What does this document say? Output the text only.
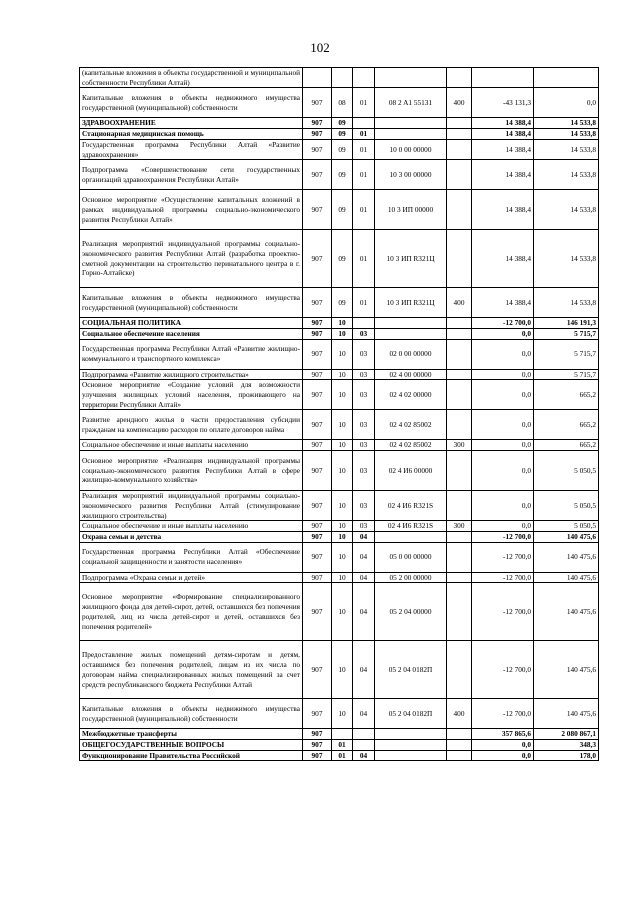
102
(капитальные вложения в объекты государственной и муниципальной собственности Республики Алтай)							
Капитальные вложения в объекты недвижимого имущества государственной (муниципальной) собственности	907	08	01	08 2 A1 55131	400	-43 131,3	0,0
ЗДРАВООХРАНЕНИЕ	907	09				14 388,4	14 533,8
Стационарная медицинская помощь	907	09	01			14 388,4	14 533,8
Государственная программа Республики Алтай «Развитие здравоохранения»	907	09	01	10 0 00 00000		14 388,4	14 533,8
Подпрограмма «Совершенствование сети государственных организаций здравоохранения Республики Алтай»	907	09	01	10 3 00 00000		14 388,4	14 533,8
Основное мероприятие «Осуществление капитальных вложений в рамках индивидуальной программы социально-экономического развития Республики Алтай»	907	09	01	10 3 ИП 00000		14 388,4	14 533,8
Реализация мероприятий индивидуальной программы социально-экономического развития Республики Алтай (разработка проектно-сметной документации на строительство перинатального центра в г. Горно-Алтайске)	907	09	01	10 3 ИП R321Ц		14 388,4	14 533,8
Капитальные вложения в объекты недвижимого имущества государственной (муниципальной) собственности	907	09	01	10 3 ИП R321Ц	400	14 388,4	14 533,8
СОЦИАЛЬНАЯ ПОЛИТИКА	907	10				-12 700,0	146 191,3
Социальное обеспечение населения	907	10	03			0,0	5 715,7
Государственная программа Республики Алтай «Развитие жилищно-коммунального и транспортного комплекса»	907	10	03	02 0 00 00000		0,0	5 715,7
Подпрограмма «Развитие жилищного строительства»	907	10	03	02 4 00 00000		0,0	5 715,7
Основное мероприятие «Создание условий для возможности улучшения жилищных условий населения, проживающего на территории Республики Алтай»	907	10	03	02 4 02 00000		0,0	665,2
Развитие арендного жилья в части предоставления субсидии гражданам на компенсацию расходов по оплате договоров найма	907	10	03	02 4 02 85002		0,0	665,2
Социальное обеспечение и иные выплаты населению	907	10	03	02 4 02 85002	300	0,0	665,2
Основное мероприятие «Реализация индивидуальной программы социально-экономического развития Республики Алтай в сфере жилищно-коммунального хозяйства»	907	10	03	02 4 И6 00000		0,0	5 050,5
Реализация мероприятий индивидуальной программы социально-экономического развития Республики Алтай (стимулирование жилищного строительства)	907	10	03	02 4 И6 R321S		0,0	5 050,5
Социальное обеспечение и иные выплаты населению	907	10	03	02 4 И6 R321S	300	0,0	5 050,5
Охрана семьи и детства	907	10	04			-12 700,0	140 475,6
Государственная программа Республики Алтай «Обеспечение социальной защищенности и занятости населения»	907	10	04	05 0 00 00000		-12 700,0	140 475,6
Подпрограмма «Охрана семьи и детей»	907	10	04	05 2 00 00000		-12 700,0	140 475,6
Основное мероприятие «Формирование специализированного жилищного фонда для детей-сирот, детей, оставшихся без попечения родителей, лиц из числа детей-сирот и детей, оставшихся без попечения родителей»	907	10	04	05 2 04 00000		-12 700,0	140 475,6
Предоставление жилых помещений детям-сиротам и детям, оставшимся без попечения родителей, лицам из их числа по договорам найма специализированных жилых помещений за счет средств республиканского бюджета Республики Алтай	907	10	04	05 2 04 0182П		-12 700,0	140 475,6
Капитальные вложения в объекты недвижимого имущества государственной (муниципальной) собственности	907	10	04	05 2 04 0182П	400	-12 700,0	140 475,6
Межбюджетные трансферты	907					357 865,6	2 080 867,1
ОБЩЕГОСУДАРСТВЕННЫЕ ВОПРОСЫ	907	01				0,0	348,3
Функционирование Правительства Российской	907	01	04			0,0	178,0
